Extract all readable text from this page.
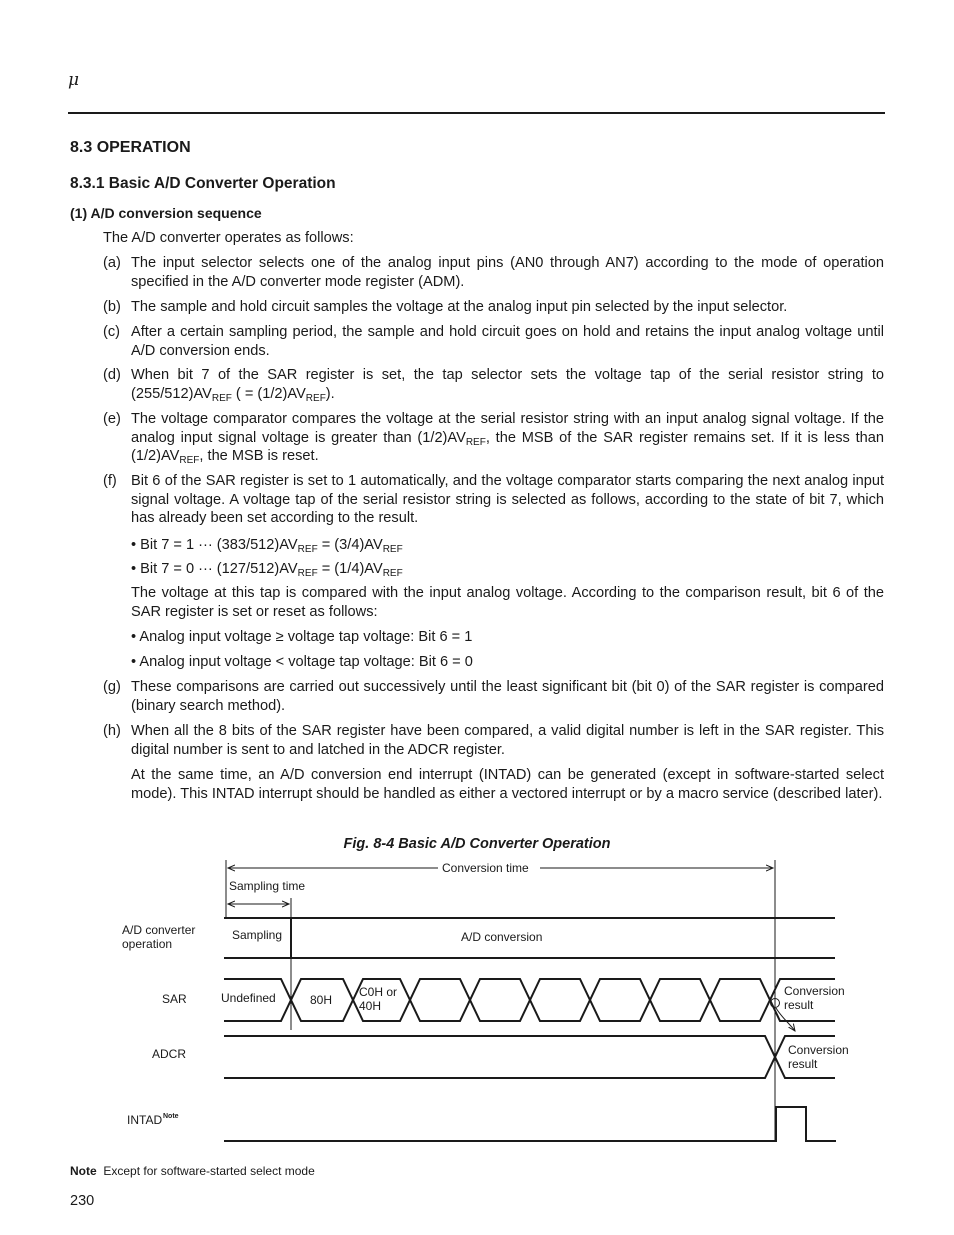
μ
8.3 OPERATION
8.3.1 Basic A/D Converter Operation
(1) A/D conversion sequence
The A/D converter operates as follows:
(a) The input selector selects one of the analog input pins (AN0 through AN7) according to the mode of operation specified in the A/D converter mode register (ADM).
(b) The sample and hold circuit samples the voltage at the analog input pin selected by the input selector.
(c) After a certain sampling period, the sample and hold circuit goes on hold and retains the input analog voltage until A/D conversion ends.
(d) When bit 7 of the SAR register is set, the tap selector sets the voltage tap of the serial resistor string to $(255/512)AV_{REF}$ ( = $(1/2)AV_{REF}$).
(e) The voltage comparator compares the voltage at the serial resistor string with an input analog signal voltage. If the analog input signal voltage is greater than $(1/2)AV_{REF}$, the MSB of the SAR register remains set. If it is less than $(1/2)AV_{REF}$, the MSB is reset.
(f) Bit 6 of the SAR register is set to 1 automatically, and the voltage comparator starts comparing the next analog input signal voltage. A voltage tap of the serial resistor string is selected as follows, according to the state of bit 7, which has already been set according to the result.
• Bit 7 = 1 ··· $(383/512)AV_{REF} = (3/4)AV_{REF}$
• Bit 7 = 0 ··· $(127/512)AV_{REF} = (1/4)AV_{REF}$
The voltage at this tap is compared with the input analog voltage. According to the comparison result, bit 6 of the SAR register is set or reset as follows:
• Analog input voltage ≥ voltage tap voltage: Bit 6 = 1
• Analog input voltage < voltage tap voltage: Bit 6 = 0
(g) These comparisons are carried out successively until the least significant bit (bit 0) of the SAR register is compared (binary search method).
(h) When all the 8 bits of the SAR register have been compared, a valid digital number is left in the SAR register. This digital number is sent to and latched in the ADCR register.
At the same time, an A/D conversion end interrupt (INTAD) can be generated (except in software-started select mode). This INTAD interrupt should be handled as either a vectored interrupt or by a macro service (described later).
Fig. 8-4 Basic A/D Converter Operation
Conversion time
Sampling time
A/D converter
operation
Sampling	A/D conversion
SAR	Undefined	80H
C0H or
40H
Conversion
result
ADCR	Conversion
result
INTAD Note
Note Except for software-started select mode
230
